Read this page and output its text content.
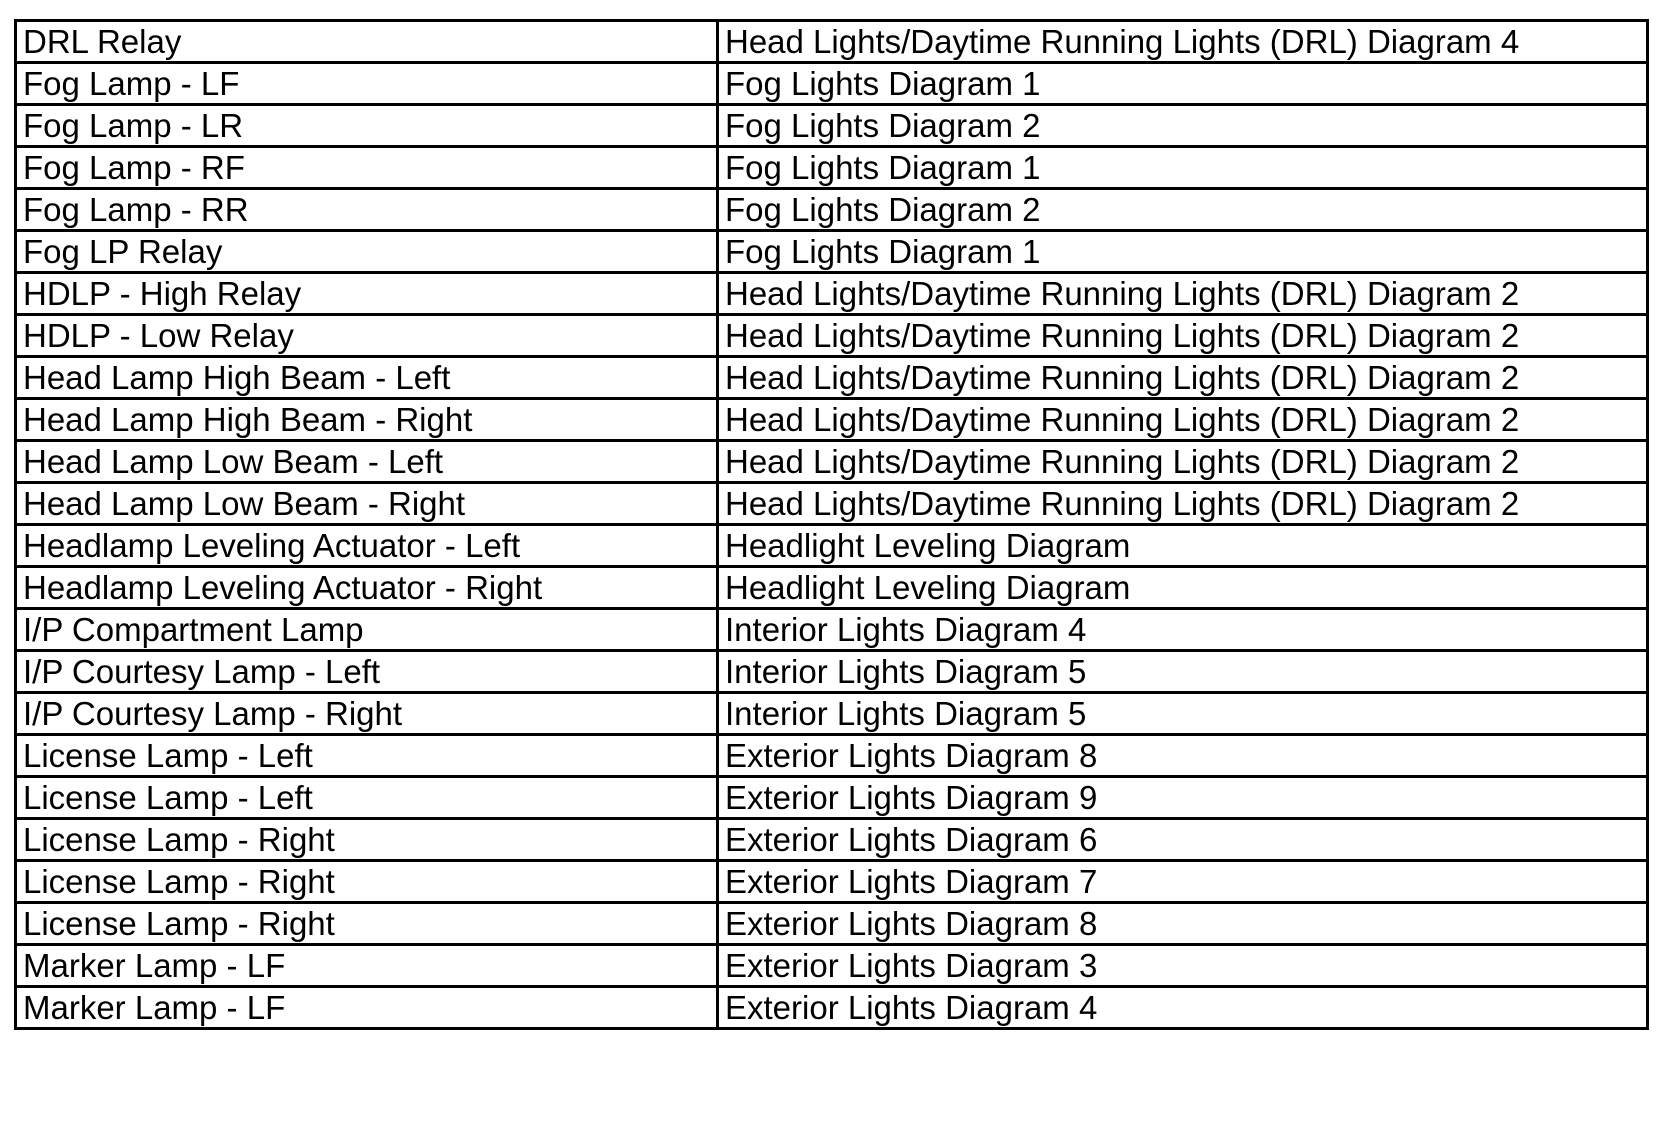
DRL Relay	Head Lights/Daytime Running Lights (DRL) Diagram 4
Fog Lamp - LF	Fog Lights Diagram 1
Fog Lamp - LR	Fog Lights Diagram 2
Fog Lamp - RF	Fog Lights Diagram 1
Fog Lamp - RR	Fog Lights Diagram 2
Fog LP Relay	Fog Lights Diagram 1
HDLP - High Relay	Head Lights/Daytime Running Lights (DRL) Diagram 2
HDLP - Low Relay	Head Lights/Daytime Running Lights (DRL) Diagram 2
Head Lamp High Beam - Left	Head Lights/Daytime Running Lights (DRL) Diagram 2
Head Lamp High Beam - Right	Head Lights/Daytime Running Lights (DRL) Diagram 2
Head Lamp Low Beam - Left	Head Lights/Daytime Running Lights (DRL) Diagram 2
Head Lamp Low Beam - Right	Head Lights/Daytime Running Lights (DRL) Diagram 2
Headlamp Leveling Actuator - Left	Headlight Leveling Diagram
Headlamp Leveling Actuator - Right	Headlight Leveling Diagram
I/P Compartment Lamp	Interior Lights Diagram 4
I/P Courtesy Lamp - Left	Interior Lights Diagram 5
I/P Courtesy Lamp - Right	Interior Lights Diagram 5
License Lamp - Left	Exterior Lights Diagram 8
License Lamp - Left	Exterior Lights Diagram 9
License Lamp - Right	Exterior Lights Diagram 6
License Lamp - Right	Exterior Lights Diagram 7
License Lamp - Right	Exterior Lights Diagram 8
Marker Lamp - LF	Exterior Lights Diagram 3
Marker Lamp - LF	Exterior Lights Diagram 4
